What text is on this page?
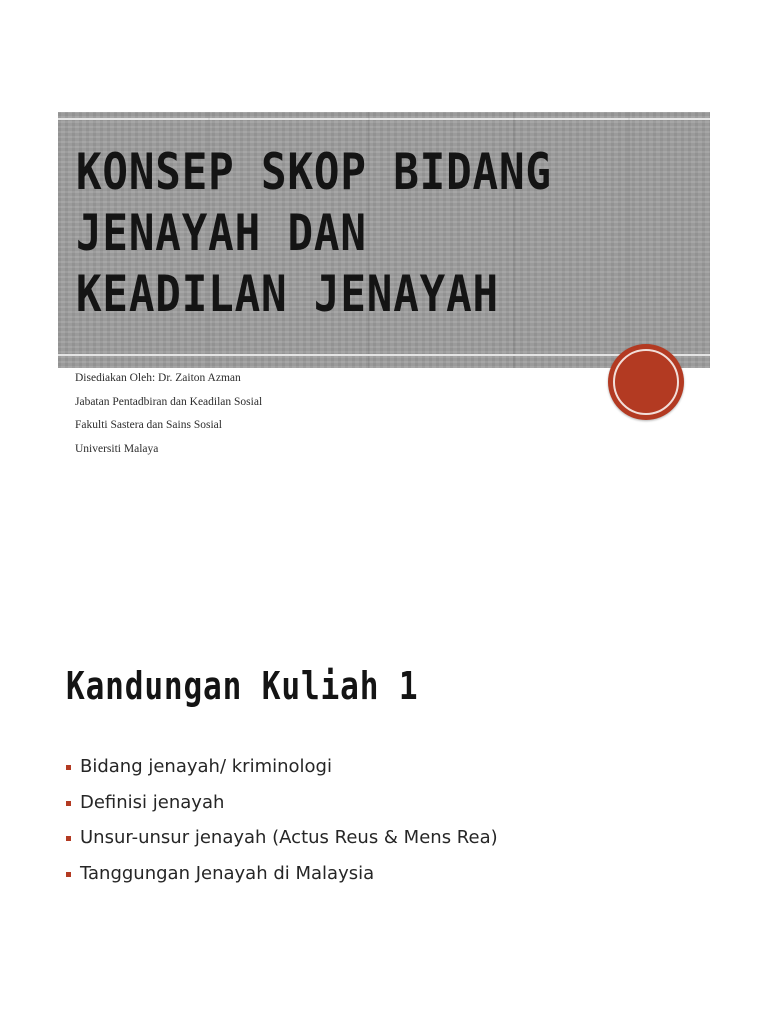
KONSEP SKOP BIDANG JENAYAH DAN KEADILAN JENAYAH
Disediakan Oleh: Dr. Zaiton Azman
Jabatan Pentadbiran dan Keadilan Sosial
Fakulti Sastera dan Sains Sosial
Universiti Malaya
Kandungan Kuliah 1
Bidang jenayah/ kriminologi
Definisi jenayah
Unsur-unsur jenayah (Actus Reus & Mens Rea)
Tanggungan Jenayah di Malaysia
